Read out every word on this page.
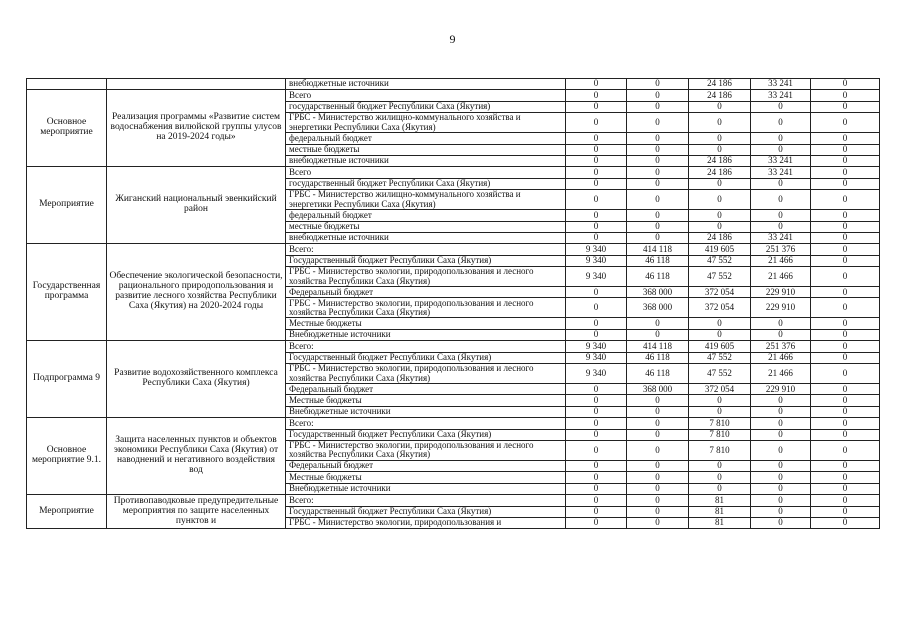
9
		внебюджетные источники	0	0	24 186	33 241	0
Основное мероприятие	Реализация программы «Развитие систем водоснабжения вилюйской группы улусов на 2019-2024 годы»	Всего	0	0	24 186	33 241	0
		государственный бюджет Республики Саха (Якутия)	0	0	0	0	0
		ГРБС - Министерство жилищно-коммунального хозяйства и энергетики Республики Саха (Якутия)	0	0	0	0	0
		федеральный бюджет	0	0	0	0	0
		местные бюджеты	0	0	0	0	0
		внебюджетные источники	0	0	24 186	33 241	0
Мероприятие	Жиганский национальный эвенкийский район	Всего	0	0	24 186	33 241	0
		государственный бюджет Республики Саха (Якутия)	0	0	0	0	0
		ГРБС - Министерство жилищно-коммунального хозяйства и энергетики Республики Саха (Якутия)	0	0	0	0	0
		федеральный бюджет	0	0	0	0	0
		местные бюджеты	0	0	0	0	0
		внебюджетные источники	0	0	24 186	33 241	0
Государственная программа	Обеспечение экологической безопасности, рационального природопользования и развитие лесного хозяйства Республики Саха (Якутия) на 2020-2024 годы	Всего:	9 340	414 118	419 605	251 376	0
		Государственный бюджет Республики Саха (Якутия)	9 340	46 118	47 552	21 466	0
		ГРБС - Министерство экологии, природопользования и лесного хозяйства Республики Саха (Якутия)	9 340	46 118	47 552	21 466	0
		Федеральный бюджет	0	368 000	372 054	229 910	0
		ГРБС - Министерство экологии, природопользования и лесного хозяйства Республики Саха (Якутия)	0	368 000	372 054	229 910	0
		Местные бюджеты	0	0	0	0	0
		Внебюджетные источники	0	0	0	0	0
Подпрограмма 9	Развитие водохозяйственного комплекса Республики Саха (Якутия)	Всего:	9 340	414 118	419 605	251 376	0
		Государственный бюджет Республики Саха (Якутия)	9 340	46 118	47 552	21 466	0
		ГРБС - Министерство экологии, природопользования и лесного хозяйства Республики Саха (Якутия)	9 340	46 118	47 552	21 466	0
		Федеральный бюджет	0	368 000	372 054	229 910	0
		Местные бюджеты	0	0	0	0	0
		Внебюджетные источники	0	0	0	0	0
Основное мероприятие 9.1.	Защита населенных пунктов и объектов экономики Республики Саха (Якутия) от наводнений и негативного воздействия вод	Всего:	0	0	7 810	0	0
		Государственный бюджет Республики Саха (Якутия)	0	0	7 810	0	0
		ГРБС - Министерство экологии, природопользования и лесного хозяйства Республики Саха (Якутия)	0	0	7 810	0	0
		Федеральный бюджет	0	0	0	0	0
		Местные бюджеты	0	0	0	0	0
		Внебюджетные источники	0	0	0	0	0
Мероприятие	Противопаводковые предупредительные мероприятия по защите населенных пунктов и	Всего:	0	0	81	0	0
		Государственный бюджет Республики Саха (Якутия)	0	0	81	0	0
		ГРБС - Министерство экологии, природопользования и	0	0	81	0	0
